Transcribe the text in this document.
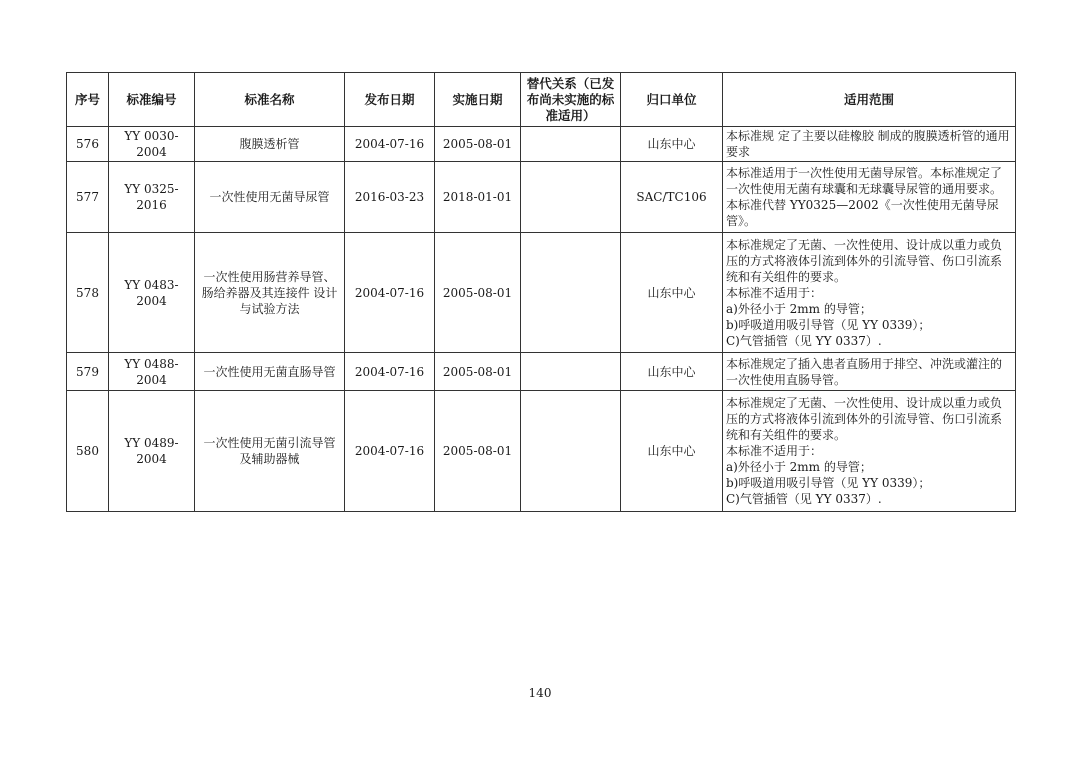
序号	标准编号	标准名称	发布日期	实施日期	替代关系（已发布尚未实施的标准适用）	归口单位	适用范围
576	YY 0030-2004	腹膜透析管	2004-07-16	2005-08-01		山东中心	本标准规 定了主要以硅橡胶 制成的腹膜透析管的通用要求

577	YY 0325-2016	一次性使用无菌导尿管	2016-03-23	2018-01-01		SAC/TC106	本标准适用于一次性使用无菌导尿管。本标准规定了一次性使用无菌有球囊和无球囊导尿管的通用要求。本标准代替 YY0325—2002《一次性使用无菌导尿管》。

578	YY 0483-2004	一次性使用肠营养导管、肠给养器及其连接件 设计与试验方法	2004-07-16	2005-08-01		山东中心	本标准规定了无菌、一次性使用、设计成以重力或负压的方式将液体引流到体外的引流导管、伤口引流系统和有关组件的要求。
本标准不适用于：
a)外径小于 2mm 的导管；
b)呼吸道用吸引导管（见 YY 0339）；
C)气管插管（见 YY 0337）.

579	YY 0488-2004	一次性使用无菌直肠导管	2004-07-16	2005-08-01		山东中心	本标准规定了插入患者直肠用于排空、冲洗或灌注的一次性使用直肠导管。

580	YY 0489-2004	一次性使用无菌引流导管及辅助器械	2004-07-16	2005-08-01		山东中心	本标准规定了无菌、一次性使用、设计成以重力或负压的方式将液体引流到体外的引流导管、伤口引流系统和有关组件的要求。
本标准不适用于：
a)外径小于 2mm 的导管；
b)呼吸道用吸引导管（见 YY 0339）；
C)气管插管（见 YY 0337）.
140
